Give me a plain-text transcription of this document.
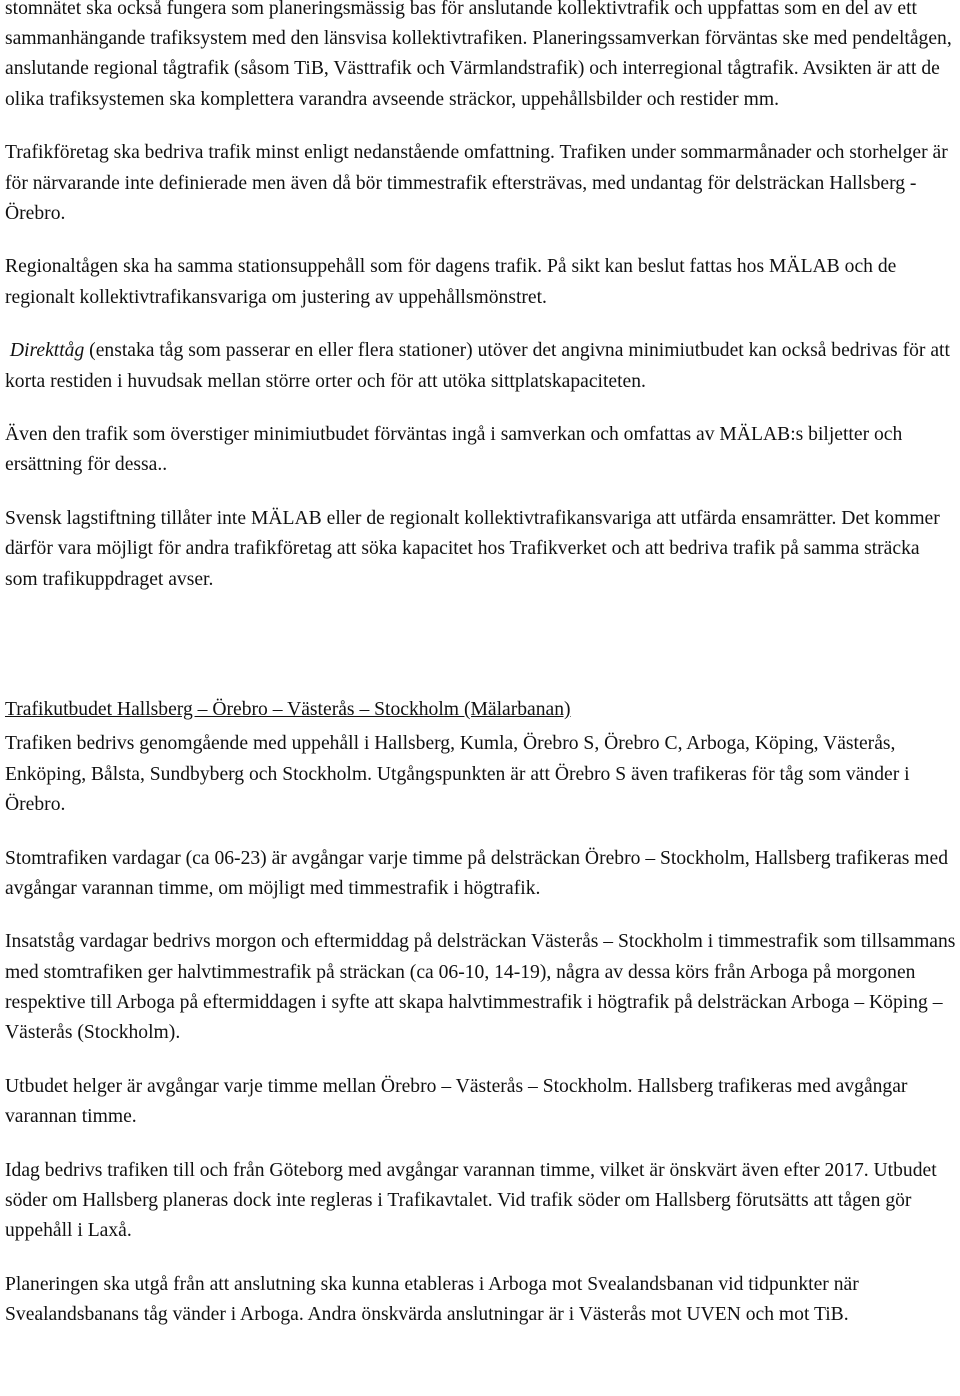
stomnätet ska också fungera som planeringsmässig bas för anslutande kollektivtrafik och uppfattas som en del av ett sammanhängande trafiksystem med den länsvisa kollektivtrafiken. Planeringssamverkan förväntas ske med pendeltågen, anslutande regional tågtrafik (såsom TiB, Västtrafik och Värmlandstrafik) och interregional tågtrafik. Avsikten är att de olika trafiksystemen ska komplettera varandra avseende sträckor, uppehållsbilder och restider mm.

Trafikföretag ska bedriva trafik minst enligt nedanstående omfattning. Trafiken under sommarmånader och storhelger är för närvarande inte definierade men även då bör timmestrafik eftersträvas, med undantag för delsträckan Hallsberg - Örebro.

Regionaltågen ska ha samma stationsuppehåll som för dagens trafik. På sikt kan beslut fattas hos MÄLAB och de regionalt kollektivtrafikansvariga om justering av uppehållsmönstret.

Direkttåg (enstaka tåg som passerar en eller flera stationer) utöver det angivna minimiutbudet kan också bedrivas för att korta restiden i huvudsak mellan större orter och för att utöka sittplatskapaciteten.

Även den trafik som överstiger minimiutbudet förväntas ingå i samverkan och omfattas av MÄLAB:s biljetter och ersättning för dessa..

Svensk lagstiftning tillåter inte MÄLAB eller de regionalt kollektivtrafikansvariga att utfärda ensamrätter. Det kommer därför vara möjligt för andra trafikföretag att söka kapacitet hos Trafikverket och att bedriva trafik på samma sträcka som trafikuppdraget avser.

Trafikutbudet Hallsberg – Örebro – Västerås – Stockholm (Mälarbanan)

Trafiken bedrivs genomgående med uppehåll i Hallsberg, Kumla, Örebro S, Örebro C, Arboga, Köping, Västerås, Enköping, Bålsta, Sundbyberg och Stockholm. Utgångspunkten är att Örebro S även trafikeras för tåg som vänder i Örebro.

Stomtrafiken vardagar (ca 06-23) är avgångar varje timme på delsträckan Örebro – Stockholm, Hallsberg trafikeras med avgångar varannan timme, om möjligt med timmestrafik i högtrafik.

Insatståg vardagar bedrivs morgon och eftermiddag på delsträckan Västerås – Stockholm i timmestrafik som tillsammans med stomtrafiken ger halvtimmestrafik på sträckan (ca 06-10, 14-19), några av dessa körs från Arboga på morgonen respektive till Arboga på eftermiddagen i syfte att skapa halvtimmestrafik i högtrafik på delsträckan Arboga – Köping – Västerås (Stockholm).

Utbudet helger är avgångar varje timme mellan Örebro – Västerås – Stockholm. Hallsberg trafikeras med avgångar varannan timme.

Idag bedrivs trafiken till och från Göteborg med avgångar varannan timme, vilket är önskvärt även efter 2017. Utbudet söder om Hallsberg planeras dock inte regleras i Trafikavtalet. Vid trafik söder om Hallsberg förutsätts att tågen gör uppehåll i Laxå.

Planeringen ska utgå från att anslutning ska kunna etableras i Arboga mot Svealandsbanan vid tidpunkter när Svealandsbanans tåg vänder i Arboga. Andra önskvärda anslutningar är i Västerås mot UVEN och mot TiB.
